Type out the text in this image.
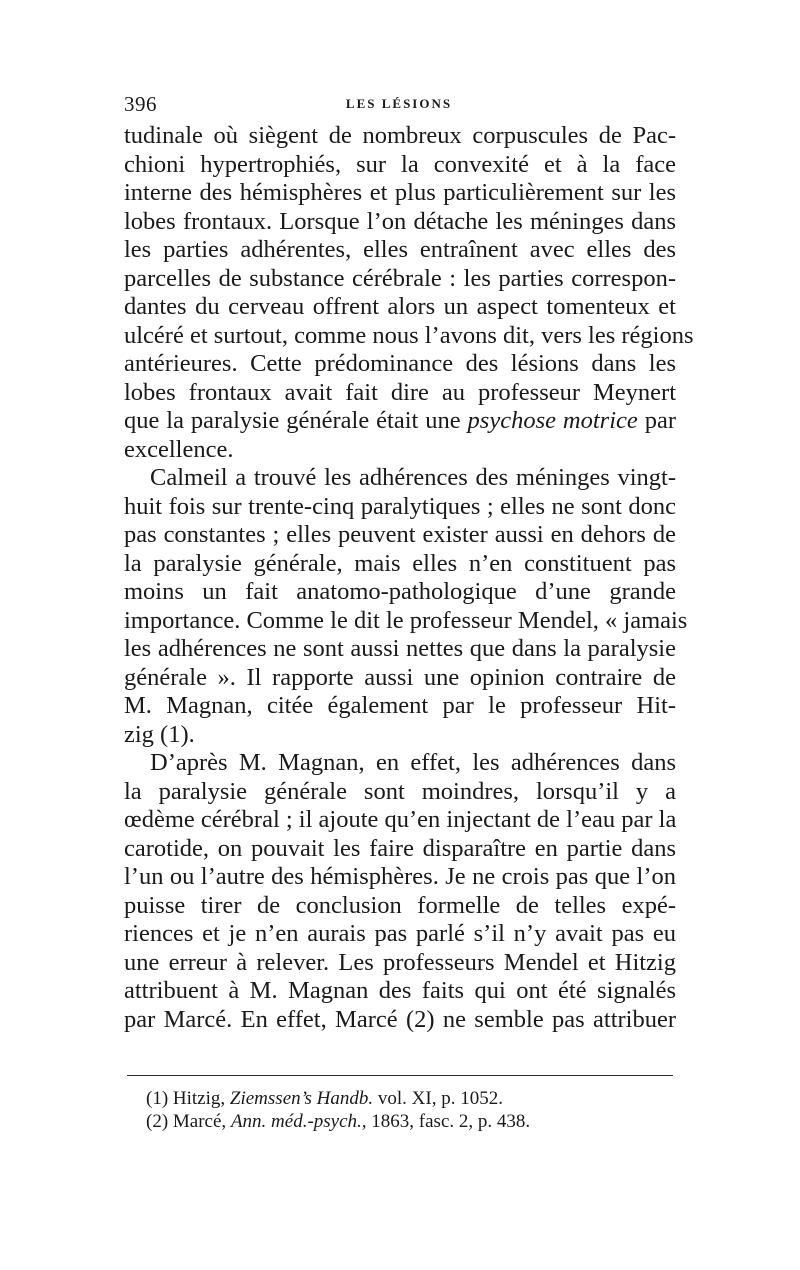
396	LES LÉSIONS
tudinale où siègent de nombreux corpuscules de Pac-
chioni hypertrophiés, sur la convexité et à la face
interne des hémisphères et plus particulièrement sur les
lobes frontaux. Lorsque l’on détache les méninges dans
les parties adhérentes, elles entraînent avec elles des
parcelles de substance cérébrale : les parties correspon-
dantes du cerveau offrent alors un aspect tomenteux et
ulcéré et surtout, comme nous l’avons dit, vers les régions
antérieures. Cette prédominance des lésions dans les
lobes frontaux avait fait dire au professeur Meynert
que la paralysie générale était une psychose motrice par
excellence.
Calmeil a trouvé les adhérences des méninges vingt-
huit fois sur trente-cinq paralytiques ; elles ne sont donc
pas constantes ; elles peuvent exister aussi en dehors de
la paralysie générale, mais elles n’en constituent pas
moins un fait anatomo-pathologique d’une grande
importance. Comme le dit le professeur Mendel, « jamais
les adhérences ne sont aussi nettes que dans la paralysie
générale ». Il rapporte aussi une opinion contraire de
M. Magnan, citée également par le professeur Hit-
zig (1).
D’après M. Magnan, en effet, les adhérences dans
la paralysie générale sont moindres, lorsqu’il y a
œdème cérébral ; il ajoute qu’en injectant de l’eau par la
carotide, on pouvait les faire disparaître en partie dans
l’un ou l’autre des hémisphères. Je ne crois pas que l’on
puisse tirer de conclusion formelle de telles expé-
riences et je n’en aurais pas parlé s’il n’y avait pas eu
une erreur à relever. Les professeurs Mendel et Hitzig
attribuent à M. Magnan des faits qui ont été signalés
par Marcé. En effet, Marcé (2) ne semble pas attribuer
(1) Hitzig, Ziemssen’s Handb. vol. XI, p. 1052.
(2) Marcé, Ann. méd.-psych., 1863, fasc. 2, p. 438.
